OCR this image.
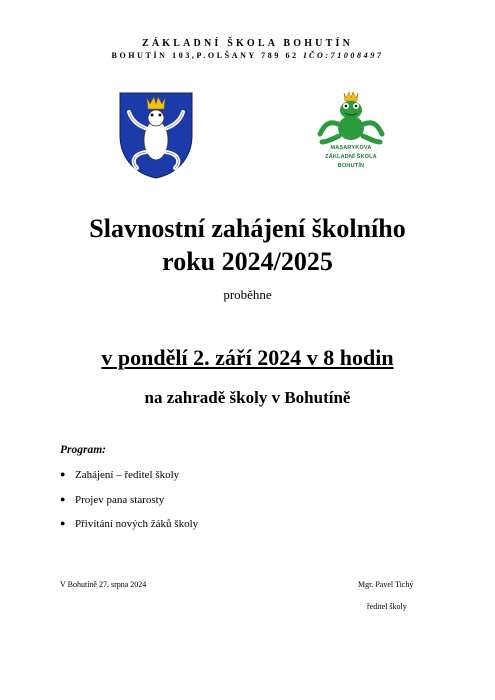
ZÁKLADNÍ ŠKOLA BOHUTÍN
BOHUTÍN 103,P.OLŠANY 789 62 IČO:71008497
MASARYKOVA
ZÁKLADNÍ ŠKOLA
BOHUTÍN
Slavnostní zahájení školního
roku 2024/2025
proběhne
v pondělí 2. září 2024 v 8 hodin
na zahradě školy v Bohutíně
Program:
● Zahájení – ředitel školy
● Projev pana starosty
● Přivítání nových žáků školy
V Bohutíně 27. srpna 2024	Mgr. Pavel Tichý
ředitel školy
